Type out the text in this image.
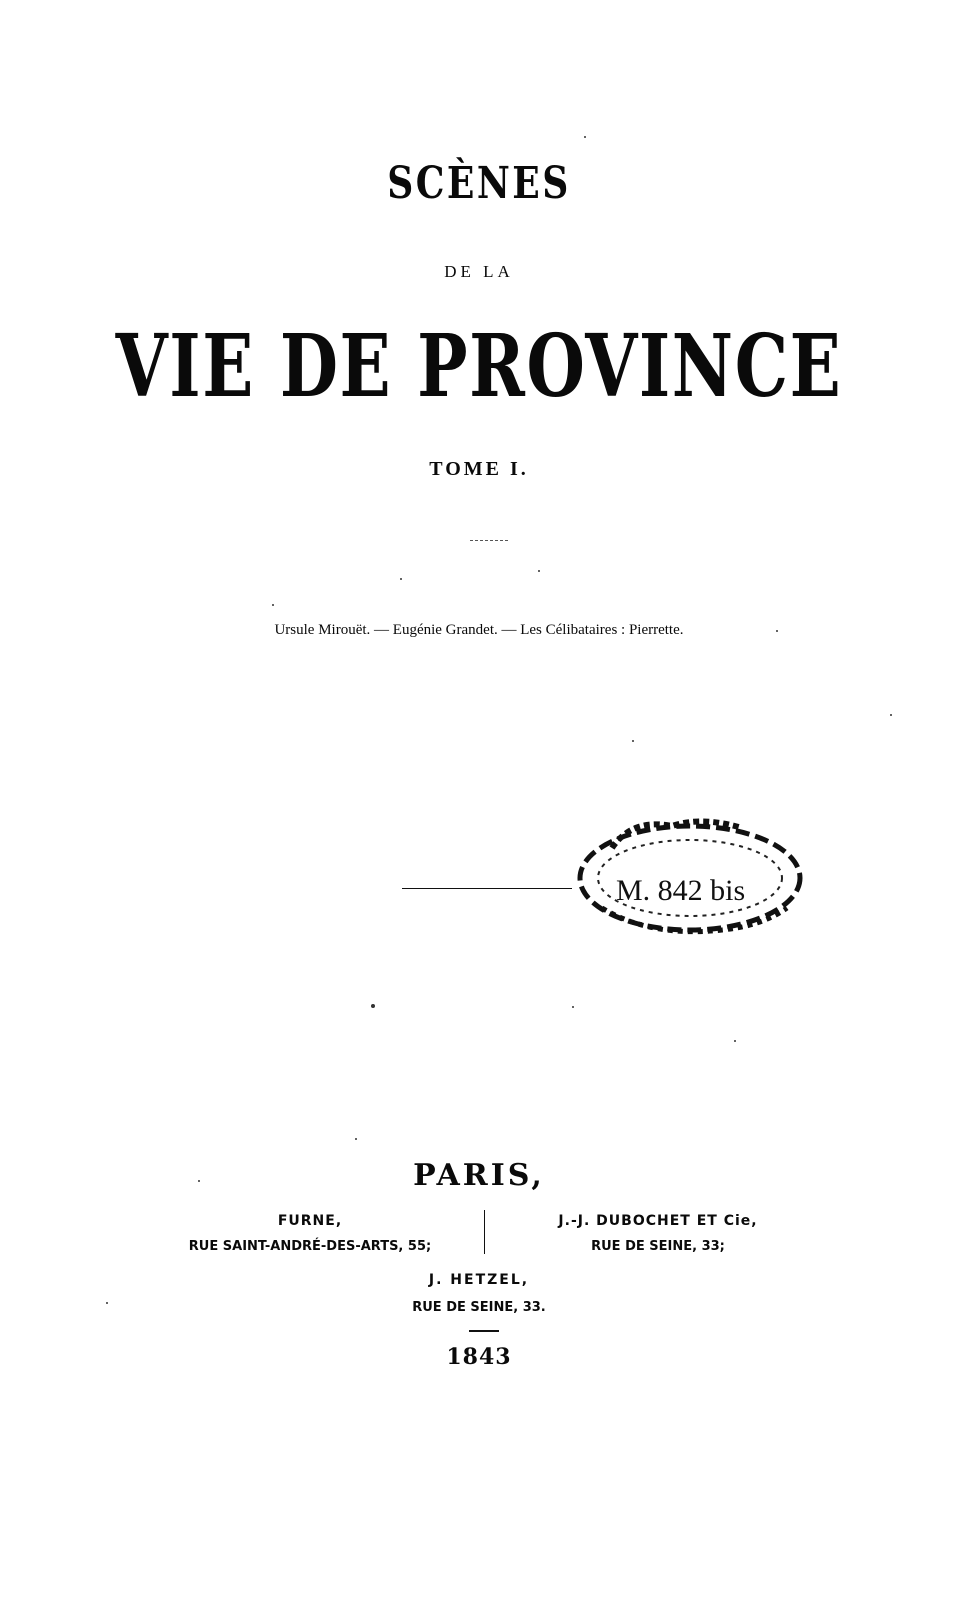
SCÈNES
DE LA
VIE DE PROVINCE
TOME I.
Ursule Mirouët. — Eugénie Grandet. — Les Célibataires : Pierrette.
M. 842 bis
PARIS,
FURNE,
RUE SAINT-ANDRÉ-DES-ARTS, 55;
J.-J. DUBOCHET ET Cie,
RUE DE SEINE, 33;
J. HETZEL,
RUE DE SEINE, 33.
1843
